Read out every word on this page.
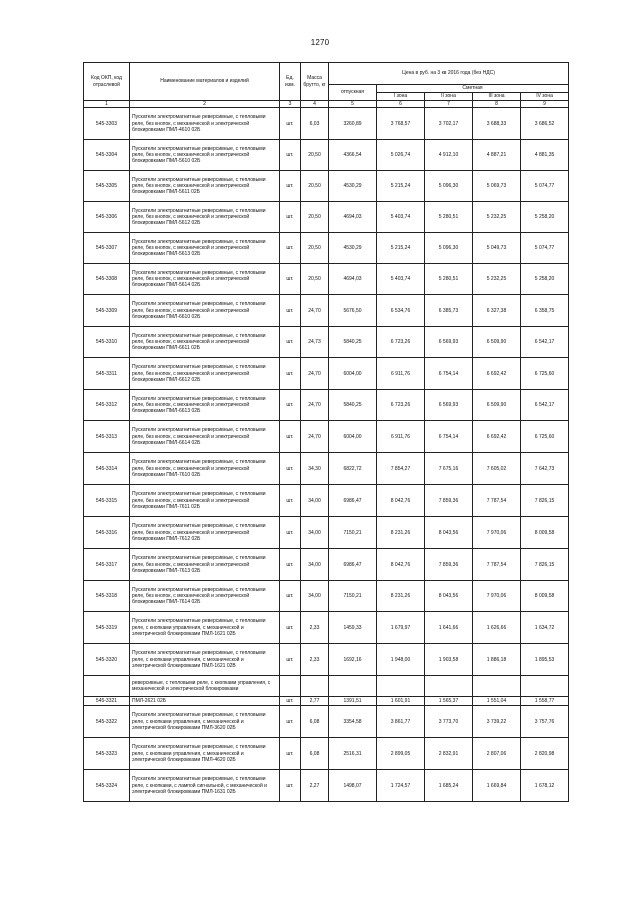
1270
Код ОКП, код отраслевой	Наименование материалов и изделий	Ед. изм.	Масса брутто, кг	Цена в руб. на 3 кв 2016 года (без НДС)				
				отпускная	Сметная			
					I зона	II зона	III зона	IV зона
1	2	3	4	5	6	7	8	9
545-3303	Пускатели электромагнитные реверсивные, с тепловыми реле, без кнопок, с механической и электрической блокировками ПМЛ-4610 02Б	шт.	6,03	3260,89	3 768,57	3 702,17	3 688,33	3 686,52
545-3304	Пускатели электромагнитные реверсивные, с тепловыми реле, без кнопок, с механической и электрической блокировками ПМЛ-5610 02Б	шт.	20,50	4366,54	5 026,74	4 912,10	4 887,21	4 881,35
545-3305	Пускатели электромагнитные реверсивные, с тепловыми реле, без кнопок, с механической и электрической блокировками ПМЛ-5611 02Б	шт.	20,50	4530,29	5 215,24	5 096,30	5 069,73	5 074,77
545-3306	Пускатели электромагнитные реверсивные, с тепловыми реле, без кнопок, с механической и электрической блокировками ПМЛ-5612 02Б	шт.	20,50	4694,03	5 403,74	5 280,51	5 232,25	5 258,20
545-3307	Пускатели электромагнитные реверсивные, с тепловыми реле, без кнопок, с механической и электрической блокировками ПМЛ-5613 02Б	шт.	20,50	4530,29	5 215,24	5 096,30	5 049,73	5 074,77
545-3308	Пускатели электромагнитные реверсивные, с тепловыми реле, без кнопок, с механической и электрической блокировками ПМЛ-5614 02Б	шт.	20,50	4694,03	5 403,74	5 280,51	5 232,25	5 258,20
545-3309	Пускатели электромагнитные реверсивные, с тепловыми реле, без кнопок, с механической и электрической блокировками ПМЛ-6610 02Б	шт.	24,70	5676,50	6 534,76	6 385,73	6 327,38	6 358,75
545-3310	Пускатели электромагнитные реверсивные, с тепловыми реле, без кнопок, с механической и электрической блокировками ПМЛ-6611 02Б	шт.	24,73	5840,25	6 723,26	6 569,93	6 509,90	6 542,17
545-3311	Пускатели электромагнитные реверсивные, с тепловыми реле, без кнопок, с механической и электрической блокировками ПМЛ-6612 02Б	шт.	24,70	6004,00	6 911,76	6 754,14	6 692,42	6 725,60
545-3312	Пускатели электромагнитные реверсивные, с тепловыми реле, без кнопок, с механической и электрической блокировками ПМЛ-6613 02Б	шт.	24,70	5840,25	6 723,26	6 569,93	6 509,90	6 542,17
545-3313	Пускатели электромагнитные реверсивные, с тепловыми реле, без кнопок, с механической и электрической блокировками ПМЛ-6614 02Б	шт.	24,70	6004,00	6 911,76	6 754,14	6 692,42	6 725,60
545-3314	Пускатели электромагнитные реверсивные, с тепловыми реле, без кнопок, с механической и электрической блокировками ПМЛ-7610 02Б	шт.	34,30	6822,72	7 854,27	7 675,16	7 605,02	7 642,73
545-3315	Пускатели электромагнитные реверсивные, с тепловыми реле, без кнопок, с механической и электрической блокировками ПМЛ-7611 02Б	шт.	34,00	6986,47	8 042,76	7 859,36	7 787,54	7 826,15
545-3316	Пускатели электромагнитные реверсивные, с тепловыми реле, без кнопок, с механической и электрической блокировками ПМЛ-7612 02Б	шт.	34,00	7150,21	8 231,26	8 043,56	7 970,06	8 009,58
545-3317	Пускатели электромагнитные реверсивные, с тепловыми реле, без кнопок, с механической и электрической блокировками ПМЛ-7613 02Б	шт.	34,00	6986,47	8 042,76	7 859,36	7 787,54	7 826,15
545-3318	Пускатели электромагнитные реверсивные, с тепловыми реле, без кнопок, с механической и электрической блокировками ПМЛ-7614 02Б	шт.	34,00	7150,21	8 231,26	8 043,56	7 970,06	8 009,58
545-3319	Пускатели электромагнитные реверсивные, с тепловыми реле, с кнопками управления, с механической и электрической блокировками ПМЛ-1621 02Б	шт.	2,33	1459,33	1 679,97	1 641,66	1 626,66	1 634,72
545-3320	Пускатели электромагнитные реверсивные, с тепловыми реле, с кнопками управления, с механической и электрической блокировками ПМЛ-1621 02В	шт.	2,33	1692,16	1 948,00	1 903,58	1 886,18	1 895,53
	реверсивные, с тепловыми реле, с кнопками управления, с механической и электрической блокировками							
545-3321	ПМЛ-2621 02Б	шт.	2,77	1391,51	1 601,91	1 565,37	1 551,04	1 558,77
545-3322	Пускатели электромагнитные реверсивные, с тепловыми реле, с кнопками управления, с механической и электрической блокировками ПМЛ-3620 02Б	шт.	6,08	3354,58	3 861,77	3 773,70	3 739,22	3 757,76
545-3323	Пускатели электромагнитные реверсивные, с тепловыми реле, с кнопками управления, с механической и электрической блокировками ПМЛ-4620 02Б	шт.	6,08	2516,31	2 899,05	2 832,91	2 807,06	2 820,98
545-3324	Пускатели электромагнитные реверсивные, с тепловыми реле, с кнопками, с лампой сигнальной, с механической и электрической блокировками ПМЛ-1631 02Б	шт.	2,27	1498,07	1 724,57	1 685,24	1 669,84	1 678,12
